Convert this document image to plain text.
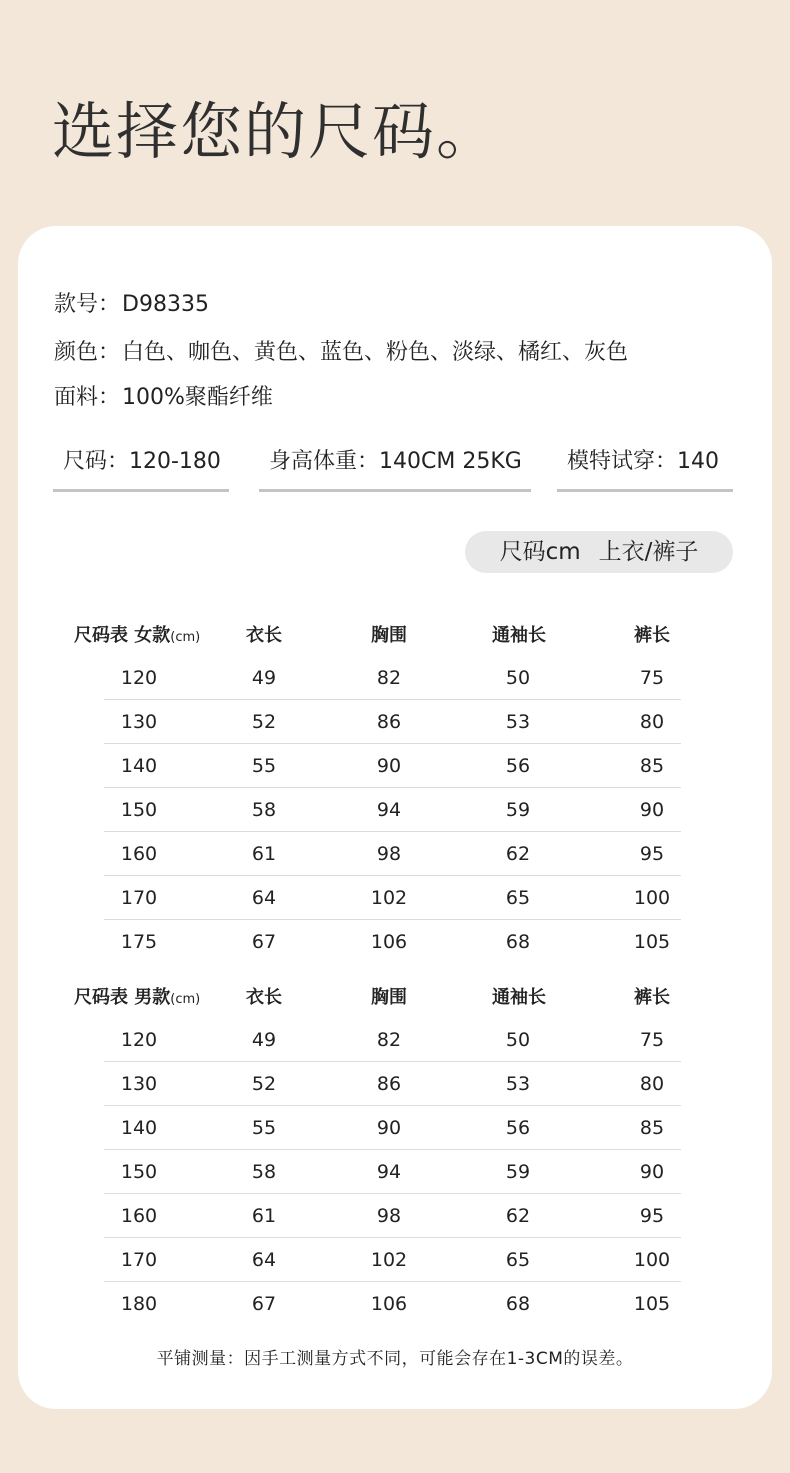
选择您的尺码。
款号：D98335
颜色：白色、咖色、黄色、蓝色、粉色、淡绿、橘红、灰色
面料：100%聚酯纤维
尺码：120-180	身高体重：140CM 25KG	模特试穿：140
尺码cm 上衣/裤子
尺码表 女款(cm)	衣长	胸围	通袖长	裤长
120	49	82	50	75
130	52	86	53	80
140	55	90	56	85
150	58	94	59	90
160	61	98	62	95
170	64	102	65	100
175	67	106	68	105
尺码表 男款(cm)	衣长	胸围	通袖长	裤长
120	49	82	50	75
130	52	86	53	80
140	55	90	56	85
150	58	94	59	90
160	61	98	62	95
170	64	102	65	100
180	67	106	68	105
平铺测量：因手工测量方式不同，可能会存在1-3CM的误差。
